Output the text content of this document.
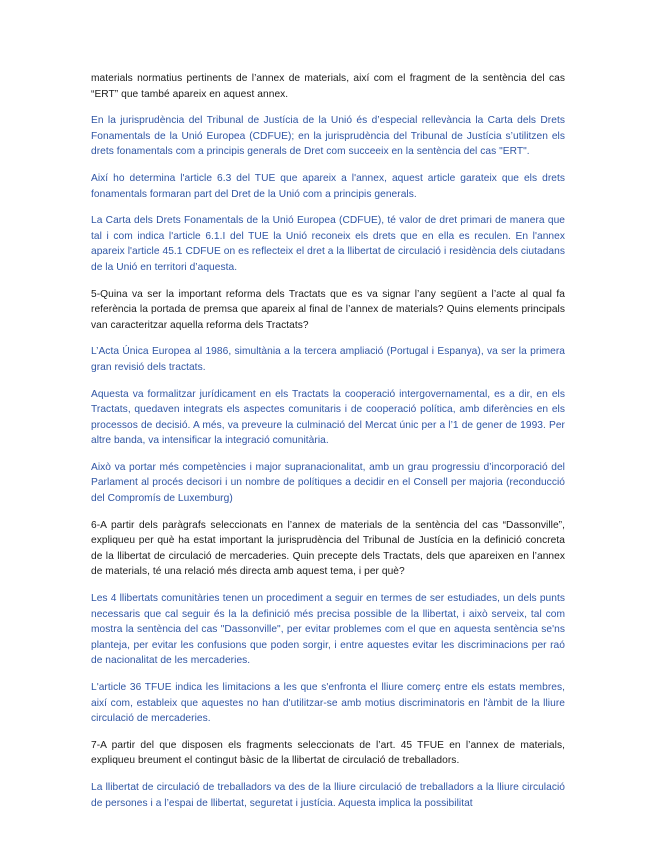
materials normatius pertinents de l’annex de materials, així com el fragment de la sentència del cas “ERT” que també apareix en aquest annex.

En la jurisprudència del Tribunal de Justícia de la Unió és d’especial rellevància la Carta dels Drets Fonamentals de la Unió Europea (CDFUE); en la jurisprudència del Tribunal de Justícia s’utilitzen els drets fonamentals com a principis generals de Dret com succeeix en la sentència del cas "ERT".

Així ho determina l'article 6.3 del TUE que apareix a l'annex, aquest article garateix que els drets fonamentals formaran part del Dret de la Unió com a principis generals.

La Carta dels Drets Fonamentals de la Unió Europea (CDFUE), té valor de dret primari de manera que tal i com indica l'article 6.1.I del TUE la Unió reconeix els drets que en ella es reculen. En l'annex apareix l'article 45.1 CDFUE on es reflecteix el dret a la llibertat de circulació i residència dels ciutadans de la Unió en territori d’aquesta.

5-Quina va ser la important reforma dels Tractats que es va signar l’any següent a l’acte al qual fa referència la portada de premsa que apareix al final de l’annex de materials? Quins elements principals van caracteritzar aquella reforma dels Tractats?

L’Acta Única Europea al 1986, simultània a la tercera ampliació (Portugal i Espanya), va ser la primera gran revisió dels tractats.

Aquesta va formalitzar jurídicament en els Tractats la cooperació intergovernamental, es a dir, en els Tractats, quedaven integrats els aspectes comunitaris i de cooperació política, amb diferències en els processos de decisió. A més, va preveure la culminació del Mercat únic per a l’1 de gener de 1993. Per altre banda, va intensificar la integració comunitària.

Això va portar més competències i major supranacionalitat, amb un grau progressiu d’incorporació del Parlament al procés decisori i un nombre de polítiques a decidir en el Consell per majoria (reconducció del Compromís de Luxemburg)

6-A partir dels paràgrafs seleccionats en l’annex de materials de la sentència del cas “Dassonville”, expliqueu per què ha estat important la jurisprudència del Tribunal de Justícia en la definició concreta de la llibertat de circulació de mercaderies. Quin precepte dels Tractats, dels que apareixen en l’annex de materials, té una relació més directa amb aquest tema, i per què?

Les 4 llibertats comunitàries tenen un procediment a seguir en termes de ser estudiades, un dels punts necessaris que cal seguir és la la definició més precisa possible de la llibertat, i això serveix, tal com mostra la sentència del cas "Dassonville", per evitar problemes com el que en aquesta sentència se'ns planteja, per evitar les confusions que poden sorgir, i entre aquestes evitar les discriminacions per raó de nacionalitat de les mercaderies.

L'article 36 TFUE indica les limitacions a les que s'enfronta el lliure comerç entre els estats membres, així com, estableix que aquestes no han d'utilitzar-se amb motius discriminatoris en l'àmbit de la lliure circulació de mercaderies.

7-A partir del que disposen els fragments seleccionats de l’art. 45 TFUE en l’annex de materials, expliqueu breument el contingut bàsic de la llibertat de circulació de treballadors.

La llibertat de circulació de treballadors va des de la lliure circulació de treballadors a la lliure circulació de persones i a l’espai de llibertat, seguretat i justícia. Aquesta implica la possibilitat
